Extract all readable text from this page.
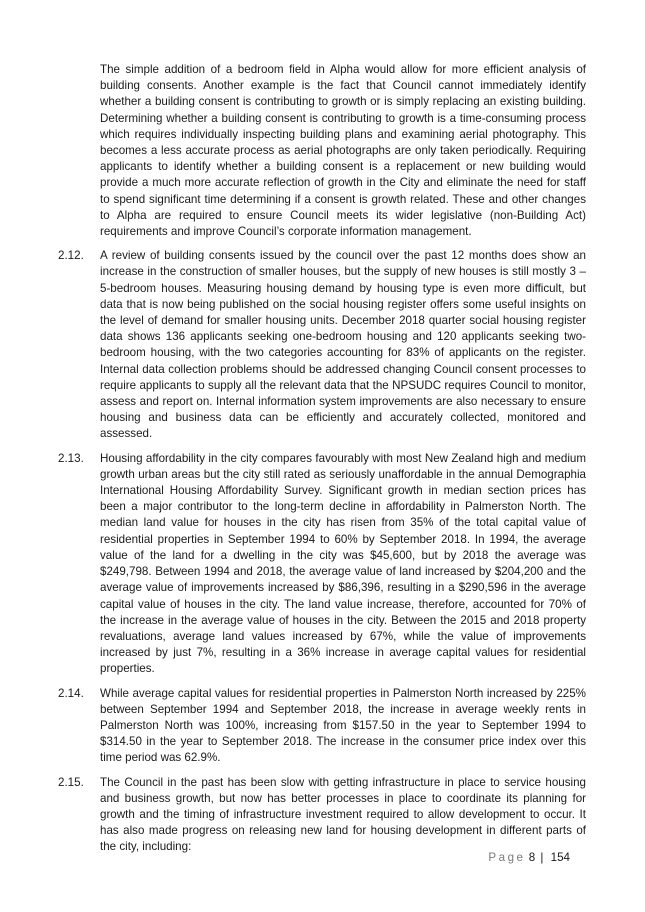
The simple addition of a bedroom field in Alpha would allow for more efficient analysis of building consents. Another example is the fact that Council cannot immediately identify whether a building consent is contributing to growth or is simply replacing an existing building. Determining whether a building consent is contributing to growth is a time-consuming process which requires individually inspecting building plans and examining aerial photography. This becomes a less accurate process as aerial photographs are only taken periodically. Requiring applicants to identify whether a building consent is a replacement or new building would provide a much more accurate reflection of growth in the City and eliminate the need for staff to spend significant time determining if a consent is growth related. These and other changes to Alpha are required to ensure Council meets its wider legislative (non-Building Act) requirements and improve Council’s corporate information management.
2.12.	A review of building consents issued by the council over the past 12 months does show an increase in the construction of smaller houses, but the supply of new houses is still mostly 3 – 5-bedroom houses. Measuring housing demand by housing type is even more difficult, but data that is now being published on the social housing register offers some useful insights on the level of demand for smaller housing units. December 2018 quarter social housing register data shows 136 applicants seeking one-bedroom housing and 120 applicants seeking two-bedroom housing, with the two categories accounting for 83% of applicants on the register. Internal data collection problems should be addressed changing Council consent processes to require applicants to supply all the relevant data that the NPSUDC requires Council to monitor, assess and report on. Internal information system improvements are also necessary to ensure housing and business data can be efficiently and accurately collected, monitored and assessed.
2.13.	Housing affordability in the city compares favourably with most New Zealand high and medium growth urban areas but the city still rated as seriously unaffordable in the annual Demographia International Housing Affordability Survey. Significant growth in median section prices has been a major contributor to the long-term decline in affordability in Palmerston North. The median land value for houses in the city has risen from 35% of the total capital value of residential properties in September 1994 to 60% by September 2018. In 1994, the average value of the land for a dwelling in the city was $45,600, but by 2018 the average was $249,798. Between 1994 and 2018, the average value of land increased by $204,200 and the average value of improvements increased by $86,396, resulting in a $290,596 in the average capital value of houses in the city. The land value increase, therefore, accounted for 70% of the increase in the average value of houses in the city. Between the 2015 and 2018 property revaluations, average land values increased by 67%, while the value of improvements increased by just 7%, resulting in a 36% increase in average capital values for residential properties.
2.14.	While average capital values for residential properties in Palmerston North increased by 225% between September 1994 and September 2018, the increase in average weekly rents in Palmerston North was 100%, increasing from $157.50 in the year to September 1994 to $314.50 in the year to September 2018. The increase in the consumer price index over this time period was 62.9%.
2.15.	The Council in the past has been slow with getting infrastructure in place to service housing and business growth, but now has better processes in place to coordinate its planning for growth and the timing of infrastructure investment required to allow development to occur. It has also made progress on releasing new land for housing development in different parts of the city, including:
Page 8 | 154
